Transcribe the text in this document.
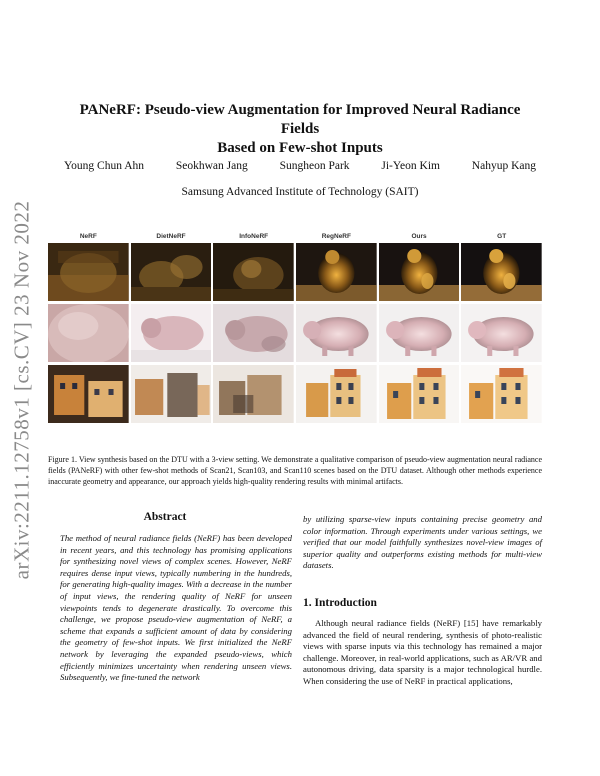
arXiv:2211.12758v1 [cs.CV] 23 Nov 2022
PANeRF: Pseudo-view Augmentation for Improved Neural Radiance Fields
Based on Few-shot Inputs
Young Chun Ahn	Seokhwan Jang	Sungheon Park	Ji-Yeon Kim	Nahyup Kang
Samsung Advanced Institute of Technology (SAIT)
NeRF	DietNeRF	InfoNeRF	RegNeRF	Ours	GT
Figure 1. View synthesis based on the DTU with a 3-view setting. We demonstrate a qualitative comparison of pseudo-view augmentation neural radiance fields (PANeRF) with other few-shot methods of Scan21, Scan103, and Scan110 scenes based on the DTU dataset. Although other methods experience inaccurate geometry and appearance, our approach yields high-quality rendering results with minimal artifacts.
Abstract

The method of neural radiance fields (NeRF) has been developed in recent years, and this technology has promising applications for synthesizing novel views of complex scenes. However, NeRF requires dense input views, typically numbering in the hundreds, for generating high-quality images. With a decrease in the number of input views, the rendering quality of NeRF for unseen viewpoints tends to degenerate drastically. To overcome this challenge, we propose pseudo-view augmentation of NeRF, a scheme that expands a sufficient amount of data by considering the geometry of few-shot inputs. We first initialized the NeRF network by leveraging the expanded pseudo-views, which efficiently minimizes uncertainty when rendering unseen views. Subsequently, we fine-tuned the network

by utilizing sparse-view inputs containing precise geometry and color information. Through experiments under various settings, we verified that our model faithfully synthesizes novel-view images of superior quality and outperforms existing methods for multi-view datasets.

1. Introduction

Although neural radiance fields (NeRF) [15] have remarkably advanced the field of neural rendering, synthesis of photo-realistic views with sparse inputs via this technology has remained a major challenge. Moreover, in real-world applications, such as AR/VR and autonomous driving, data sparsity is a major technological hurdle. When considering the use of NeRF in practical applications,
